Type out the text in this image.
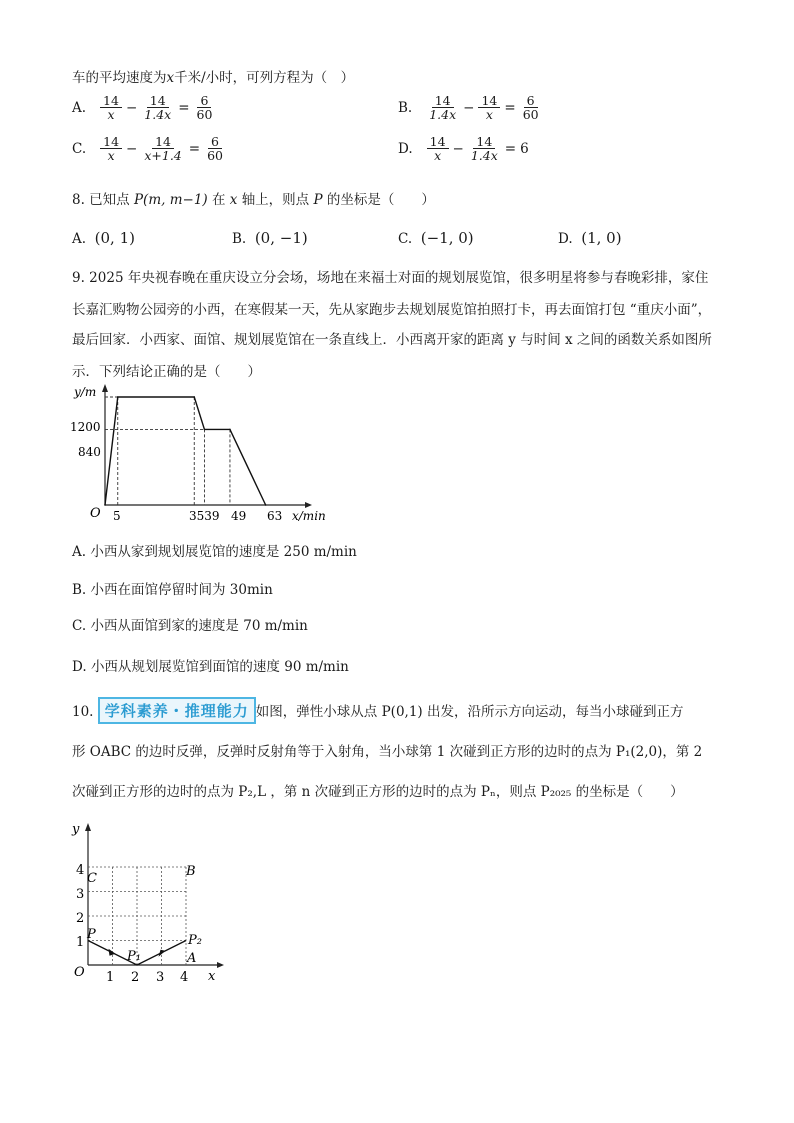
车的平均速度为x千米/小时，可列方程为（　）
A. $\frac{14}{x} - \frac{14}{1.4x} = \frac{6}{60}$	B. $\frac{14}{1.4x} - \frac{14}{x} = \frac{6}{60}$
C. $\frac{14}{x} - \frac{14}{x+1.4} = \frac{6}{60}$	D. $\frac{14}{x} - \frac{14}{1.4x} = 6$
8. 已知点 P(m, m−1) 在 x 轴上，则点 P 的坐标是（　　）
A. (0, 1)	B. (0, −1)	C. (−1, 0)	D. (1, 0)
9. 2025 年央视春晚在重庆设立分会场，场地在来福士对面的规划展览馆，很多明星将参与春晚彩排，家住
长嘉汇购物公园旁的小西，在寒假某一天，先从家跑步去规划展览馆拍照打卡，再去面馆打包 “重庆小面”，
最后回家．小西家、面馆、规划展览馆在一条直线上．小西离开家的距离 y 与时间 x 之间的函数关系如图所
示．下列结论正确的是（　　）
y/m
x/min
O
1200
840
5	3539 49 63
A. 小西从家到规划展览馆的速度是 250 m/min
B. 小西在面馆停留时间为 30min
C. 小西从面馆到家的速度是 70 m/min
D. 小西从规划展览馆到面馆的速度 90 m/min
10. 学科素养・推理能力 如图，弹性小球从点 P(0,1) 出发，沿所示方向运动，每当小球碰到正方
形 OABC 的边时反弹，反弹时反射角等于入射角，当小球第 1 次碰到正方形的边时的点为 P₁(2,0)，第 2
次碰到正方形的边时的点为 P₂,L ，第 n 次碰到正方形的边时的点为 Pₙ，则点 P₂₀₂₅ 的坐标是（　　）
y
x
O
C	B
A
P
P₁
P₂
1 2 3 4
1
2
3
4
